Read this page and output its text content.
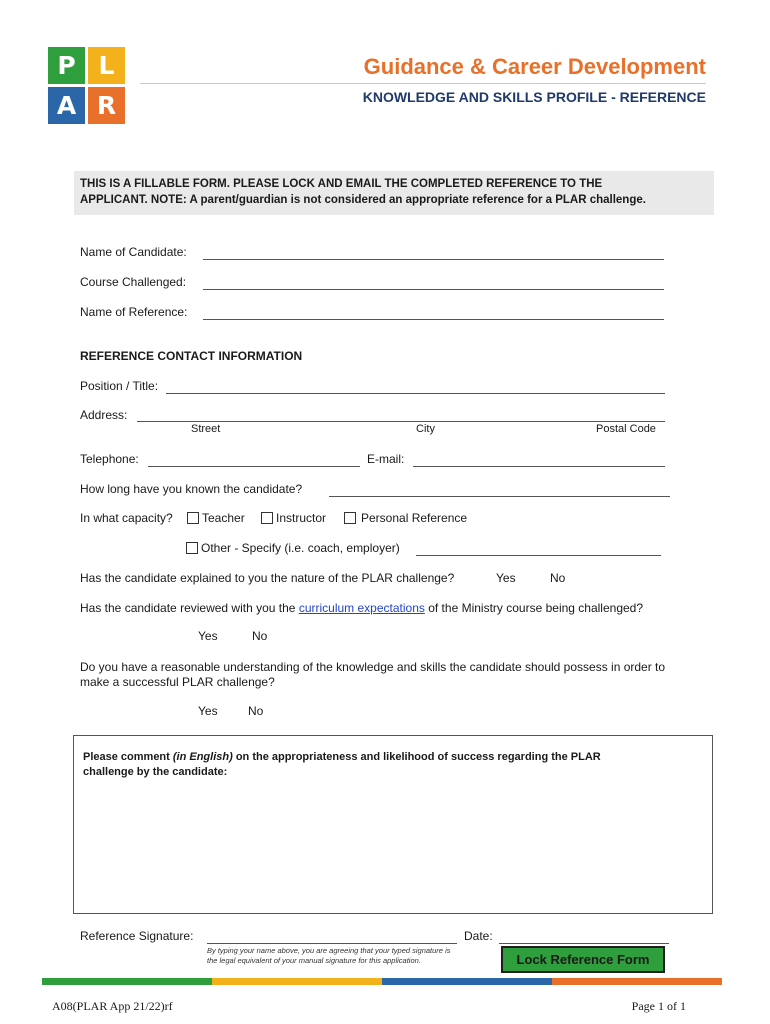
P L
A R
Guidance & Career Development
KNOWLEDGE AND SKILLS PROFILE - REFERENCE
THIS IS A FILLABLE FORM. PLEASE LOCK AND EMAIL THE COMPLETED REFERENCE TO THE
APPLICANT. NOTE: A parent/guardian is not considered an appropriate reference for a PLAR challenge.
Name of Candidate:
Course Challenged:
Name of Reference:
REFERENCE CONTACT INFORMATION
Position / Title:
Address:
Street	City	Postal Code
Telephone:	E-mail:
How long have you known the candidate?
In what capacity?	Teacher	Instructor	Personal Reference
Other - Specify (i.e. coach, employer)
Has the candidate explained to you the nature of the PLAR challenge?	Yes	No
Has the candidate reviewed with you the curriculum expectations of the Ministry course being challenged?
Yes	No
Do you have a reasonable understanding of the knowledge and skills the candidate should possess in order to
make a successful PLAR challenge?
Yes	No
Please comment (in English) on the appropriateness and likelihood of success regarding the PLAR
challenge by the candidate:
Reference Signature:	Date:
By typing your name above, you are agreeing that your typed signature is
the legal equivalent of your manual signature for this application.	Lock Reference Form
A08(PLAR App 21/22)rf	Page 1 of 1
